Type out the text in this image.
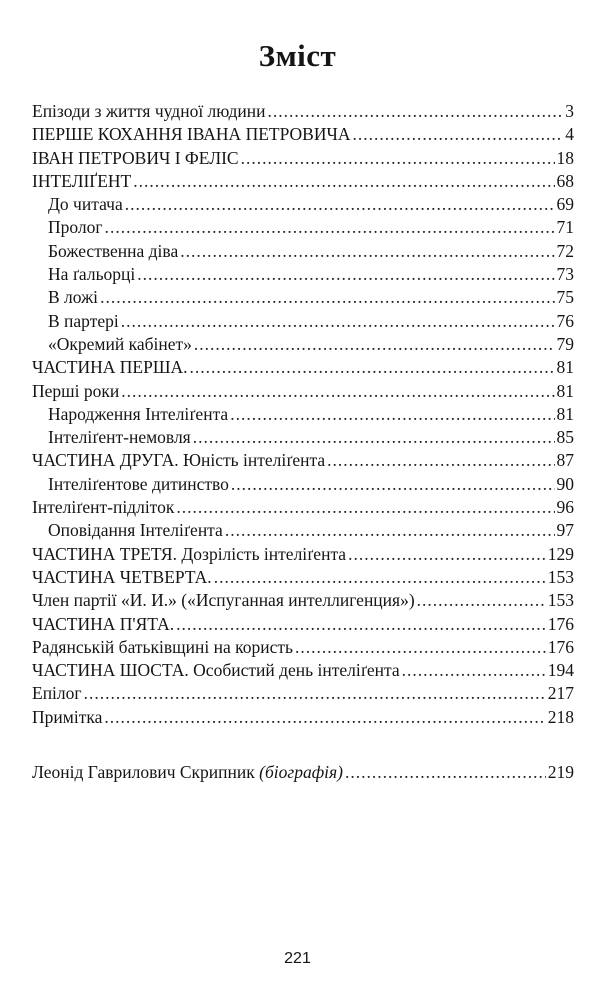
Зміст
Епізоди з життя чудної людини .....	3
ПЕРШЕ КОХАННЯ ІВАНА ПЕТРОВИЧА .....	4
ІВАН ПЕТРОВИЧ І ФЕЛІС .....	18
ІНТЕЛІҐЕНТ .....	68
До читача .....	69
Пролог .....	71
Божественна діва .....	72
На ґальорці .....	73
В ложі .....	75
В партері .....	76
«Окремий кабінет» .....	79
ЧАСТИНА ПЕРША. .....	81
Перші роки .....	81
Народження Інтеліґента .....	81
Інтеліґент-немовля .....	85
ЧАСТИНА ДРУГА. Юність інтеліґента .....	87
Інтеліґентове дитинство .....	90
Інтеліґент-підліток .....	96
Оповідання Інтеліґента .....	97
ЧАСТИНА ТРЕТЯ. Дозрілість інтеліґента .....	129
ЧАСТИНА ЧЕТВЕРТА. .....	153
Член партії «И. И.» («Испуганная интеллигенция») .....	153
ЧАСТИНА П'ЯТА. .....	176
Радянській батьківщині на користь .....	176
ЧАСТИНА ШОСТА. Особистий день інтеліґента .....	194
Епілог .....	217
Примітка .....	218
Леонід Гаврилович Скрипник (біографія) .....	219
221
